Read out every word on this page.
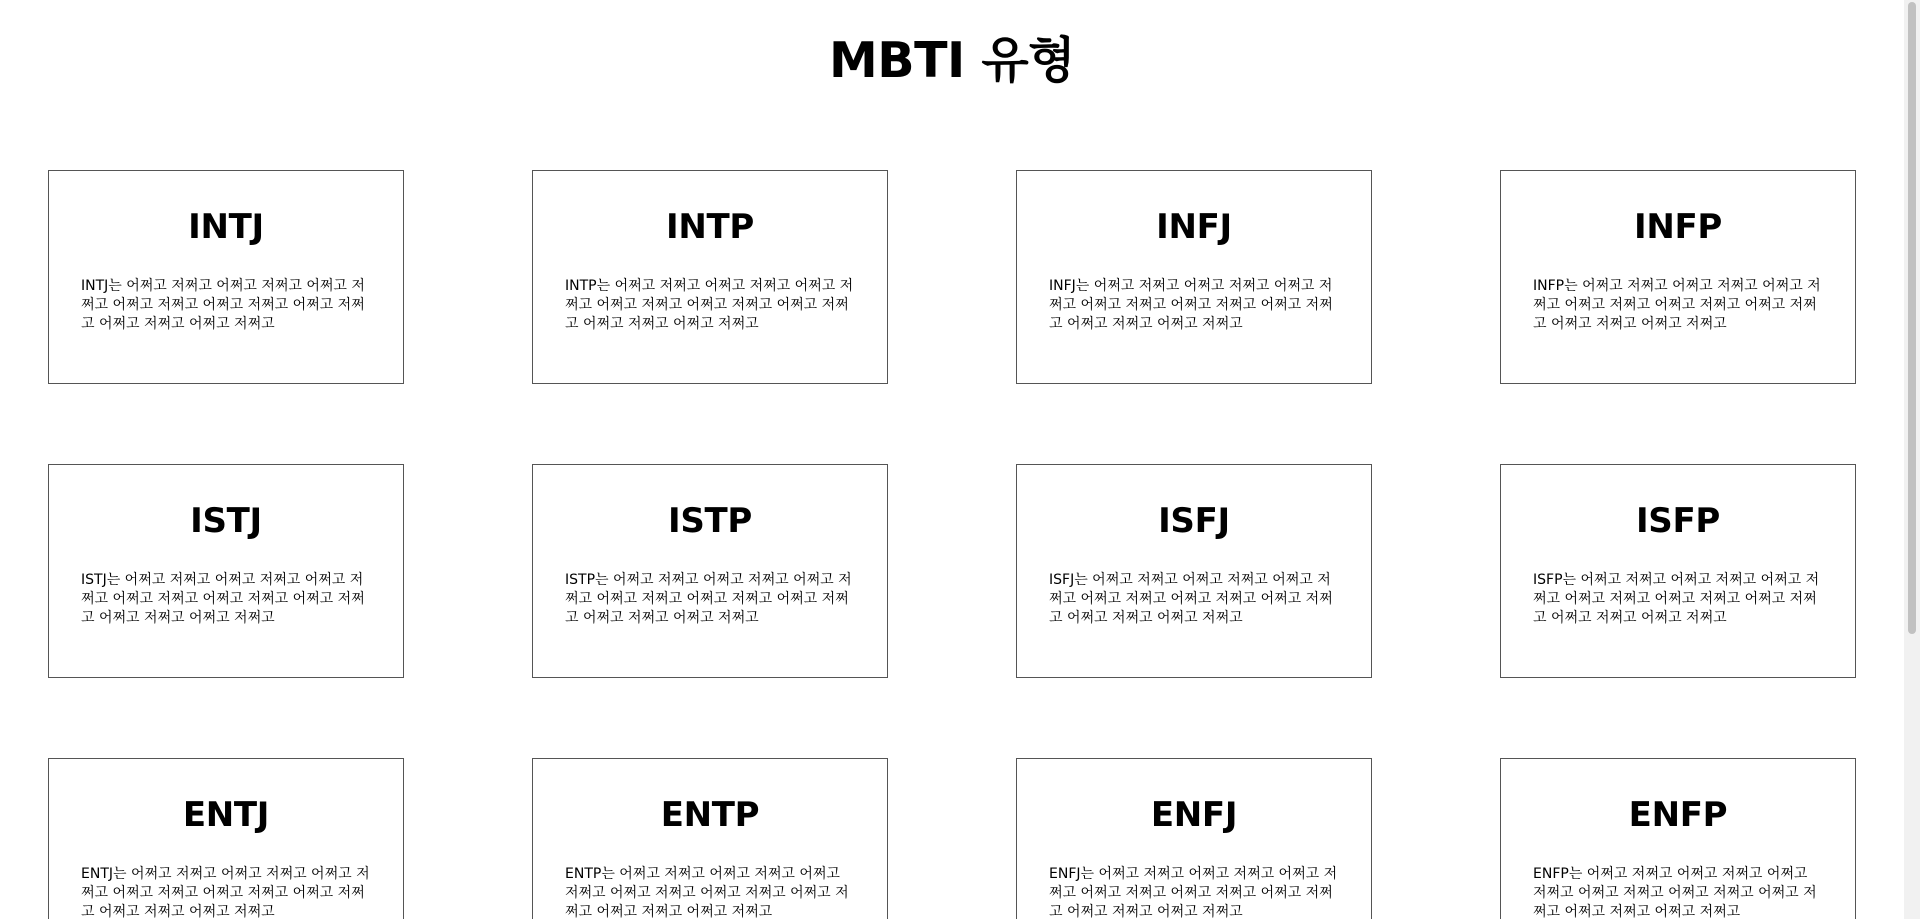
MBTI 유형
INTJ

INTJ는 어쩌고 저쩌고 어쩌고 저쩌고 어쩌고 저쩌고 어쩌고 저쩌고 어쩌고 저쩌고 어쩌고 저쩌고 어쩌고 저쩌고 어쩌고 저쩌고

INTP

INTP는 어쩌고 저쩌고 어쩌고 저쩌고 어쩌고 저쩌고 어쩌고 저쩌고 어쩌고 저쩌고 어쩌고 저쩌고 어쩌고 저쩌고 어쩌고 저쩌고

INFJ

INFJ는 어쩌고 저쩌고 어쩌고 저쩌고 어쩌고 저쩌고 어쩌고 저쩌고 어쩌고 저쩌고 어쩌고 저쩌고 어쩌고 저쩌고 어쩌고 저쩌고

INFP

INFP는 어쩌고 저쩌고 어쩌고 저쩌고 어쩌고 저쩌고 어쩌고 저쩌고 어쩌고 저쩌고 어쩌고 저쩌고 어쩌고 저쩌고 어쩌고 저쩌고

ISTJ

ISTJ는 어쩌고 저쩌고 어쩌고 저쩌고 어쩌고 저쩌고 어쩌고 저쩌고 어쩌고 저쩌고 어쩌고 저쩌고 어쩌고 저쩌고 어쩌고 저쩌고

ISTP

ISTP는 어쩌고 저쩌고 어쩌고 저쩌고 어쩌고 저쩌고 어쩌고 저쩌고 어쩌고 저쩌고 어쩌고 저쩌고 어쩌고 저쩌고 어쩌고 저쩌고

ISFJ

ISFJ는 어쩌고 저쩌고 어쩌고 저쩌고 어쩌고 저쩌고 어쩌고 저쩌고 어쩌고 저쩌고 어쩌고 저쩌고 어쩌고 저쩌고 어쩌고 저쩌고

ISFP

ISFP는 어쩌고 저쩌고 어쩌고 저쩌고 어쩌고 저쩌고 어쩌고 저쩌고 어쩌고 저쩌고 어쩌고 저쩌고 어쩌고 저쩌고 어쩌고 저쩌고

ENTJ

ENTJ는 어쩌고 저쩌고 어쩌고 저쩌고 어쩌고 저쩌고 어쩌고 저쩌고 어쩌고 저쩌고 어쩌고 저쩌고 어쩌고 저쩌고 어쩌고 저쩌고

ENTP

ENTP는 어쩌고 저쩌고 어쩌고 저쩌고 어쩌고 저쩌고 어쩌고 저쩌고 어쩌고 저쩌고 어쩌고 저쩌고 어쩌고 저쩌고 어쩌고 저쩌고

ENFJ

ENFJ는 어쩌고 저쩌고 어쩌고 저쩌고 어쩌고 저쩌고 어쩌고 저쩌고 어쩌고 저쩌고 어쩌고 저쩌고 어쩌고 저쩌고 어쩌고 저쩌고

ENFP

ENFP는 어쩌고 저쩌고 어쩌고 저쩌고 어쩌고 저쩌고 어쩌고 저쩌고 어쩌고 저쩌고 어쩌고 저쩌고 어쩌고 저쩌고 어쩌고 저쩌고
